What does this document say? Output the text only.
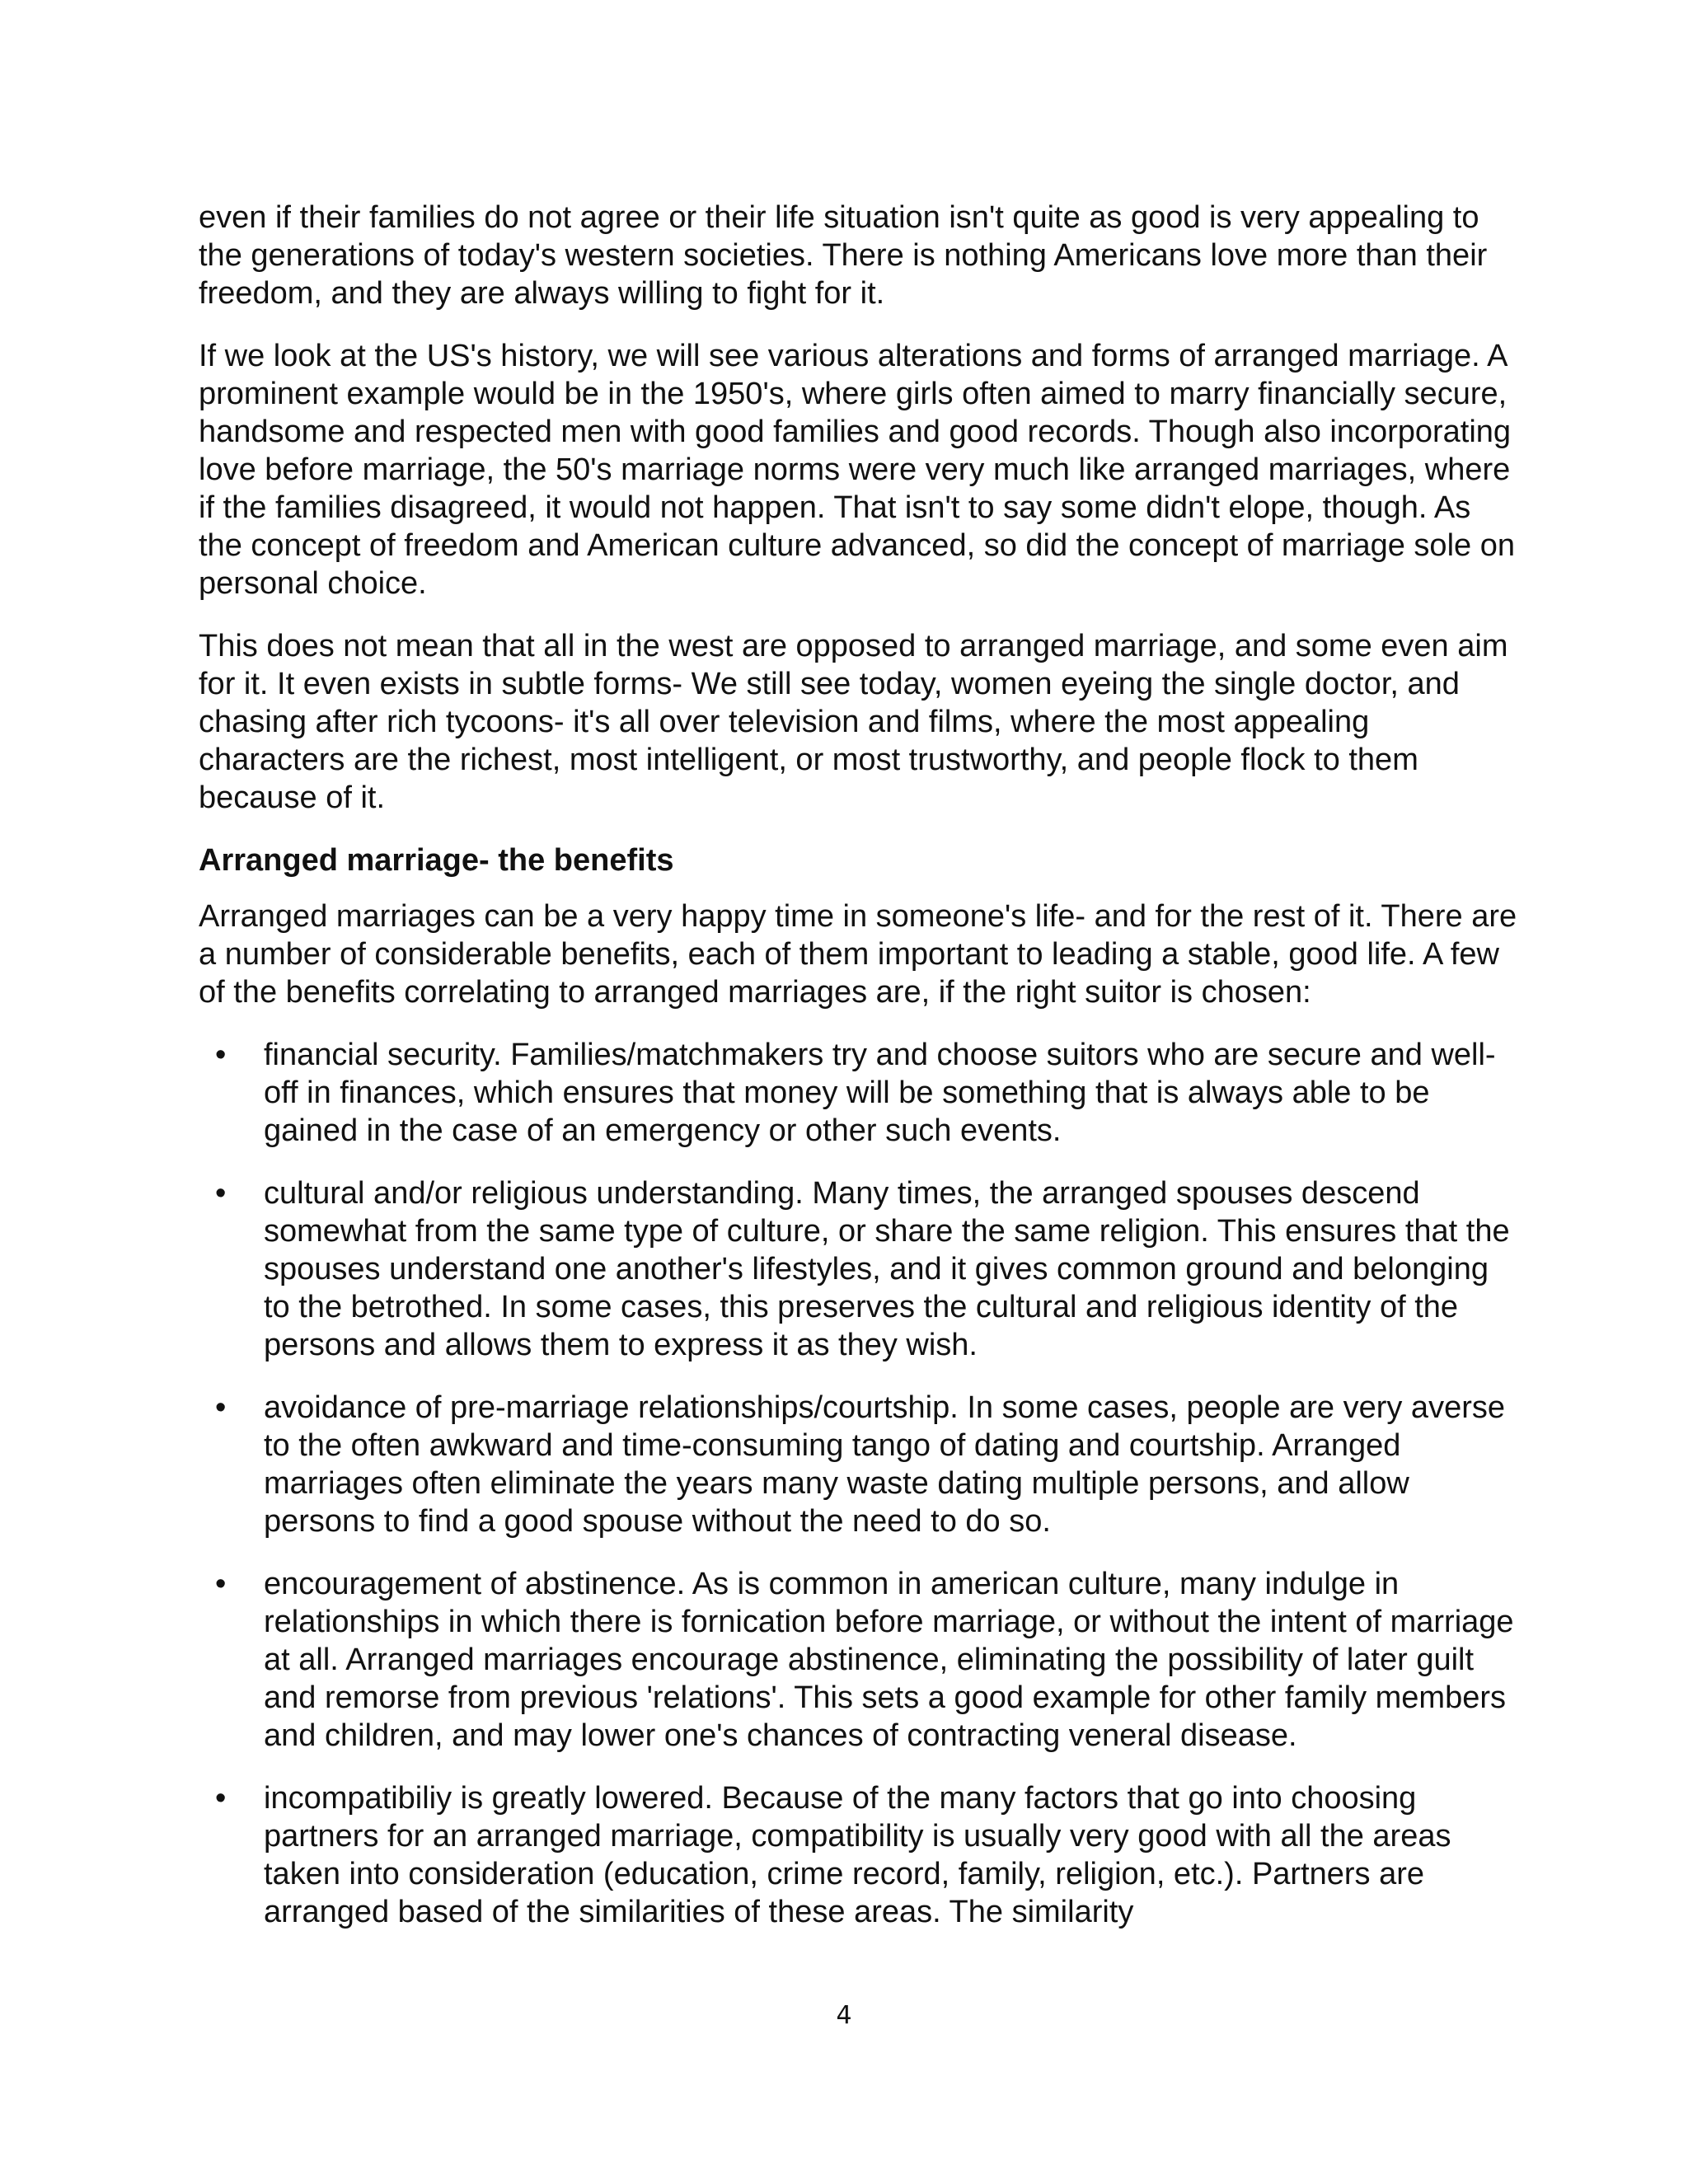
even if their families do not agree or their life situation isn't quite as good is very appealing to the generations of today's western societies. There is nothing Americans love more than their freedom, and they are always willing to fight for it.

If we look at the US's history, we will see various alterations and forms of arranged marriage. A prominent example would be in the 1950's, where girls often aimed to marry financially secure, handsome and respected men with good families and good records. Though also incorporating love before marriage, the 50's marriage norms were very much like arranged marriages, where if the families disagreed, it would not happen. That isn't to say some didn't elope, though. As the concept of freedom and American culture advanced, so did the concept of marriage sole on personal choice.

This does not mean that all in the west are opposed to arranged marriage, and some even aim for it. It even exists in subtle forms- We still see today, women eyeing the single doctor, and chasing after rich tycoons- it's all over television and films, where the most appealing characters are the richest, most intelligent, or most trustworthy, and people flock to them because of it.

Arranged marriage- the benefits

Arranged marriages can be a very happy time in someone's life- and for the rest of it. There are a number of considerable benefits, each of them important to leading a stable, good life. A few of the benefits correlating to arranged marriages are, if the right suitor is chosen:

• financial security. Families/matchmakers try and choose suitors who are secure and well-off in finances, which ensures that money will be something that is always able to be gained in the case of an emergency or other such events.
• cultural and/or religious understanding. Many times, the arranged spouses descend somewhat from the same type of culture, or share the same religion. This ensures that the spouses understand one another's lifestyles, and it gives common ground and belonging to the betrothed. In some cases, this preserves the cultural and religious identity of the persons and allows them to express it as they wish.
• avoidance of pre-marriage relationships/courtship. In some cases, people are very averse to the often awkward and time-consuming tango of dating and courtship. Arranged marriages often eliminate the years many waste dating multiple persons, and allow persons to find a good spouse without the need to do so.
• encouragement of abstinence. As is common in american culture, many indulge in relationships in which there is fornication before marriage, or without the intent of marriage at all. Arranged marriages encourage abstinence, eliminating the possibility of later guilt and remorse from previous 'relations'. This sets a good example for other family members and children, and may lower one's chances of contracting veneral disease.
• incompatibiliy is greatly lowered. Because of the many factors that go into choosing partners for an arranged marriage, compatibility is usually very good with all the areas taken into consideration (education, crime record, family, religion, etc.). Partners are arranged based of the similarities of these areas. The similarity
4
